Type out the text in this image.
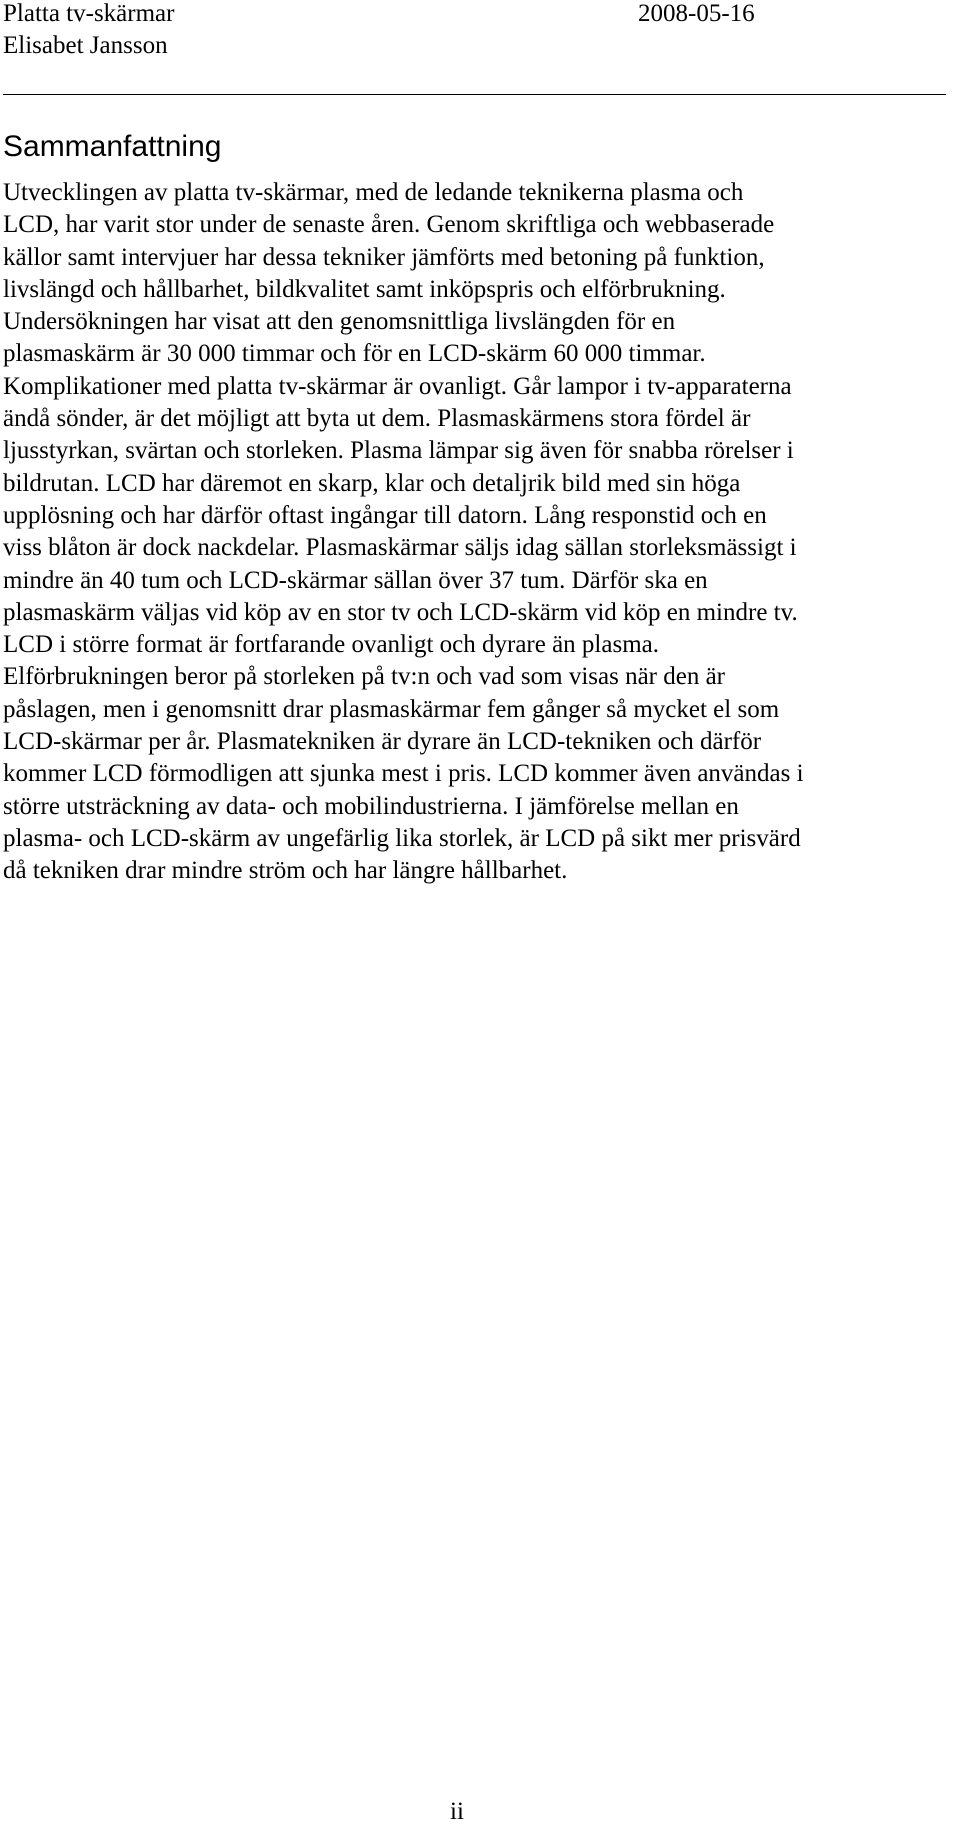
Platta tv-skärmar
Elisabet Jansson
2008-05-16
Sammanfattning
Utvecklingen av platta tv-skärmar, med de ledande teknikerna plasma och
LCD, har varit stor under de senaste åren. Genom skriftliga och webbaserade
källor samt intervjuer har dessa tekniker jämförts med betoning på funktion,
livslängd och hållbarhet, bildkvalitet samt inköpspris och elförbrukning.
Undersökningen har visat att den genomsnittliga livslängden för en
plasmaskärm är 30 000 timmar och för en LCD-skärm 60 000 timmar.
Komplikationer med platta tv-skärmar är ovanligt. Går lampor i tv-apparaterna
ändå sönder, är det möjligt att byta ut dem. Plasmaskärmens stora fördel är
ljusstyrkan, svärtan och storleken. Plasma lämpar sig även för snabba rörelser i
bildrutan. LCD har däremot en skarp, klar och detaljrik bild med sin höga
upplösning och har därför oftast ingångar till datorn. Lång responstid och en
viss blåton är dock nackdelar. Plasmaskärmar säljs idag sällan storleksmässigt i
mindre än 40 tum och LCD-skärmar sällan över 37 tum. Därför ska en
plasmaskärm väljas vid köp av en stor tv och LCD-skärm vid köp en mindre tv.
LCD i större format är fortfarande ovanligt och dyrare än plasma.
Elförbrukningen beror på storleken på tv:n och vad som visas när den är
påslagen, men i genomsnitt drar plasmaskärmar fem gånger så mycket el som
LCD-skärmar per år. Plasmatekniken är dyrare än LCD-tekniken och därför
kommer LCD förmodligen att sjunka mest i pris. LCD kommer även användas i
större utsträckning av data- och mobilindustrierna. I jämförelse mellan en
plasma- och LCD-skärm av ungefärlig lika storlek, är LCD på sikt mer prisvärd
då tekniken drar mindre ström och har längre hållbarhet.
ii
